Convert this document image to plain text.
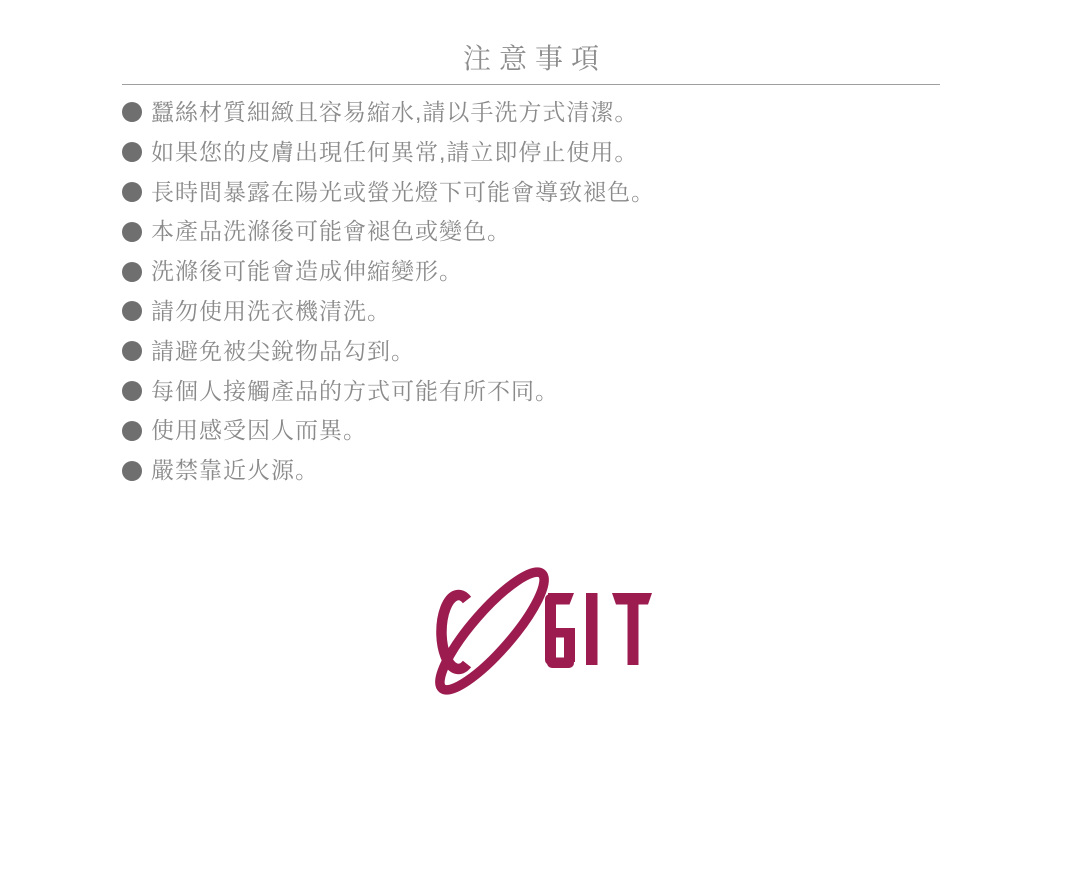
注意事項
蠶絲材質細緻且容易縮水,請以手洗方式清潔。
如果您的皮膚出現任何異常,請立即停止使用。
長時間暴露在陽光或螢光燈下可能會導致褪色。
本產品洗滌後可能會褪色或變色。
洗滌後可能會造成伸縮變形。
請勿使用洗衣機清洗。
請避免被尖銳物品勾到。
每個人接觸產品的方式可能有所不同。
使用感受因人而異。
嚴禁靠近火源。
